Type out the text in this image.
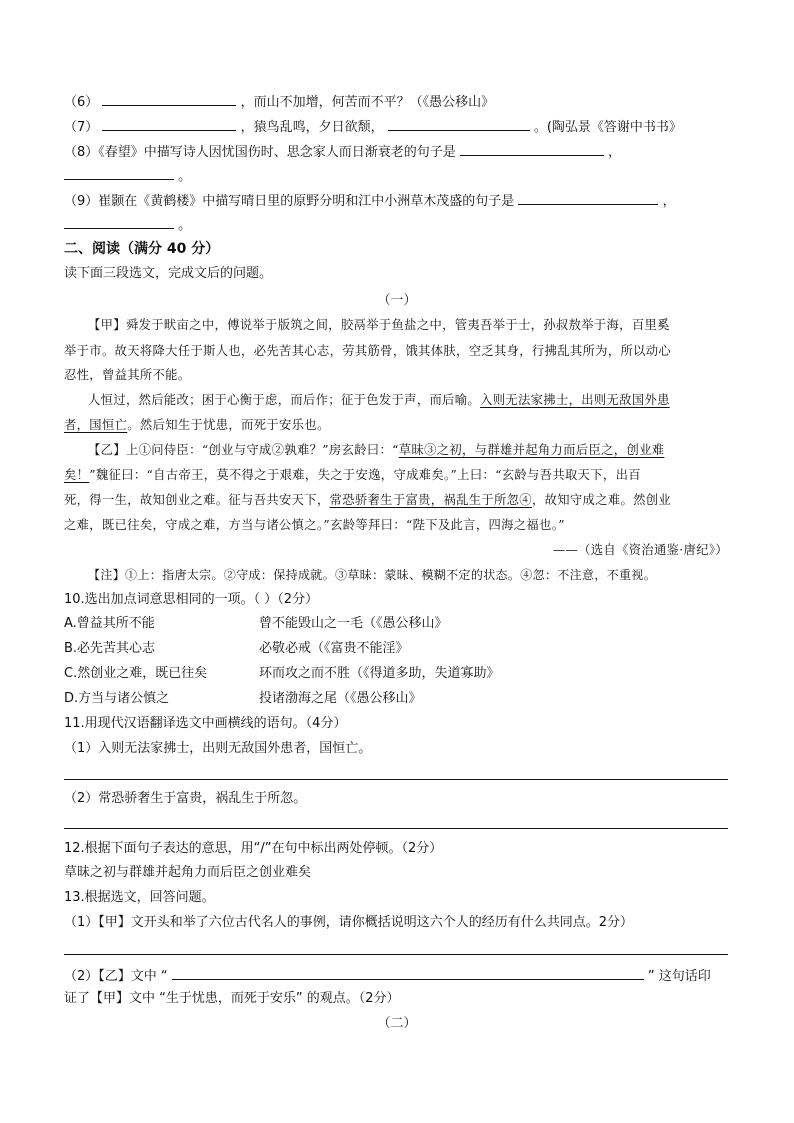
（6）	，而山不加增，何苦而不平？（《愚公移山》
（7）	，猿鸟乱鸣，夕日欲颓，	。(陶弘景《答谢中书书》
（8）《春望》中描写诗人因忧国伤时、思念家人而日渐衰老的句子是	，
。
（9）崔颢在《黄鹤楼》中描写晴日里的原野分明和江中小洲草木茂盛的句子是	，
。
二、阅读（满分 40 分）
读下面三段选文，完成文后的问题。
（一）
【甲】舜发于畎亩之中，傅说举于版筑之间，胶鬲举于鱼盐之中，管夷吾举于士，孙叔敖举于海，百里奚
举于市。故天将降大任于斯人也，必先苦其心志，劳其筋骨，饿其体肤，空乏其身，行拂乱其所为，所以动心
忍性，曾益其所不能。
人恒过，然后能改；困于心衡于虑，而后作；征于色发于声，而后喻。入则无法家拂士，出则无敌国外患
者，国恒亡。然后知生于忧患，而死于安乐也。
【乙】上①问侍臣：“创业与守成②孰难？”房玄龄曰：“草昧③之初，与群雄并起角力而后臣之，创业难
矣！”魏征曰：“自古帝王，莫不得之于艰难，失之于安逸，守成难矣。”上曰：“玄龄与吾共取天下，出百
死，得一生，故知创业之难。征与吾共安天下，常恐骄奢生于富贵，祸乱生于所忽④，故知守成之难。然创业
之难，既已往矣，守成之难，方当与诸公慎之。”玄龄等拜曰：“陛下及此言，四海之福也。”
——（选自《资治通鉴·唐纪》）
【注】①上：指唐太宗。②守成：保持成就。③草昧：蒙昧、模糊不定的状态。④忽：不注意，不重视。
10.选出加点词意思相同的一项。（ ）（2分）
A.曾益其所不能	曾不能毁山之一毛（《愚公移山》
B.必先苦其心志	必敬必戒（《富贵不能淫》
C.然创业之难，既已往矣	环而攻之而不胜（《得道多助，失道寡助》
D.方当与诸公慎之	投诸渤海之尾（《愚公移山》
11.用现代汉语翻译选文中画横线的语句。（4分）
（1）入则无法家拂士，出则无敌国外患者，国恒亡。
（2）常恐骄奢生于富贵，祸乱生于所忽。
12.根据下面句子表达的意思，用“/”在句中标出两处停顿。（2分）
草昧之初与群雄并起角力而后臣之创业难矣
13.根据选文，回答问题。
（1）【甲】文开头和举了六位古代名人的事例，请你概括说明这六个人的经历有什么共同点。2分）
（2）【乙】文中 “	” 这句话印
证了【甲】文中 “生于忧患，而死于安乐” 的观点。（2分）
（二）
